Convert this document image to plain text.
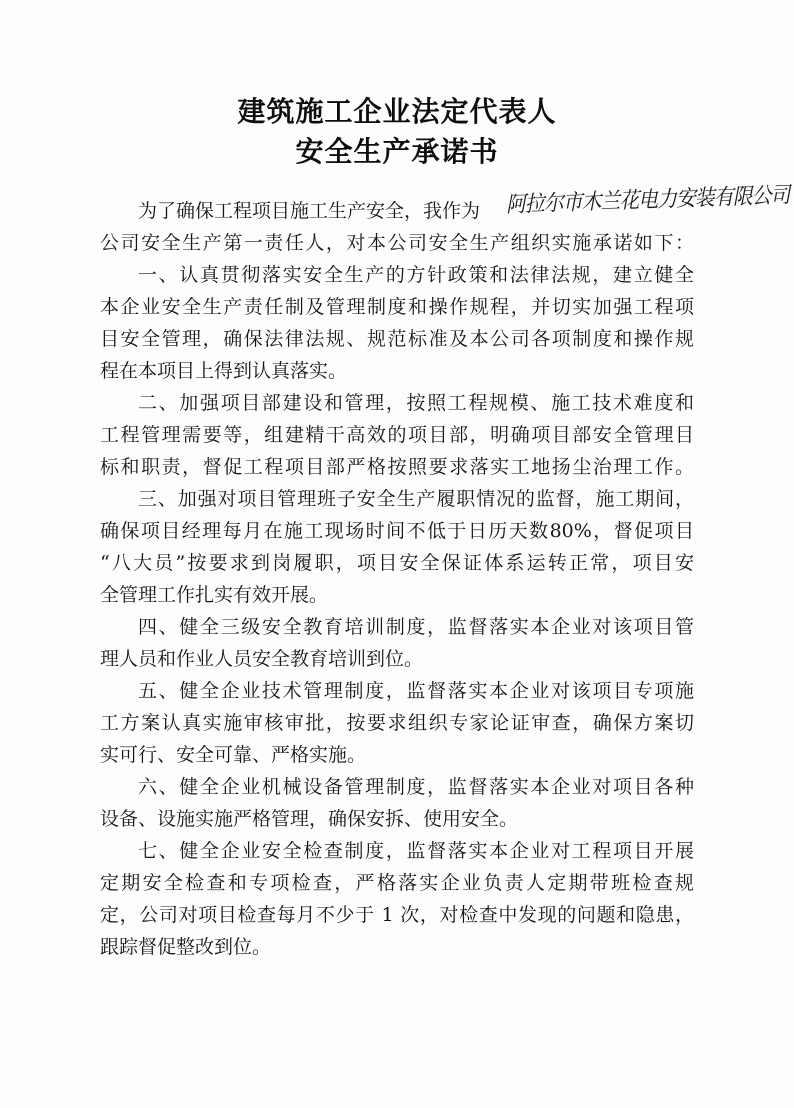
建筑施工企业法定代表人
安全生产承诺书
为了确保工程项目施工生产安全，我作为	阿拉尔市木兰花电力安装有限公司
公司安全生产第一责任人，对本公司安全生产组织实施承诺如下：
一、认真贯彻落实安全生产的方针政策和法律法规，建立健全
本企业安全生产责任制及管理制度和操作规程，并切实加强工程项
目安全管理，确保法律法规、规范标准及本公司各项制度和操作规
程在本项目上得到认真落实。
二、加强项目部建设和管理，按照工程规模、施工技术难度和
工程管理需要等，组建精干高效的项目部，明确项目部安全管理目
标和职责，督促工程项目部严格按照要求落实工地扬尘治理工作。
三、加强对项目管理班子安全生产履职情况的监督，施工期间，
确保项目经理每月在施工现场时间不低于日历天数80%，督促项目
“八大员”按要求到岗履职，项目安全保证体系运转正常，项目安
全管理工作扎实有效开展。
四、健全三级安全教育培训制度，监督落实本企业对该项目管
理人员和作业人员安全教育培训到位。
五、健全企业技术管理制度，监督落实本企业对该项目专项施
工方案认真实施审核审批，按要求组织专家论证审查，确保方案切
实可行、安全可靠、严格实施。
六、健全企业机械设备管理制度，监督落实本企业对项目各种
设备、设施实施严格管理，确保安拆、使用安全。
七、健全企业安全检查制度，监督落实本企业对工程项目开展
定期安全检查和专项检查，严格落实企业负责人定期带班检查规
定，公司对项目检查每月不少于 1 次，对检查中发现的问题和隐患，
跟踪督促整改到位。
